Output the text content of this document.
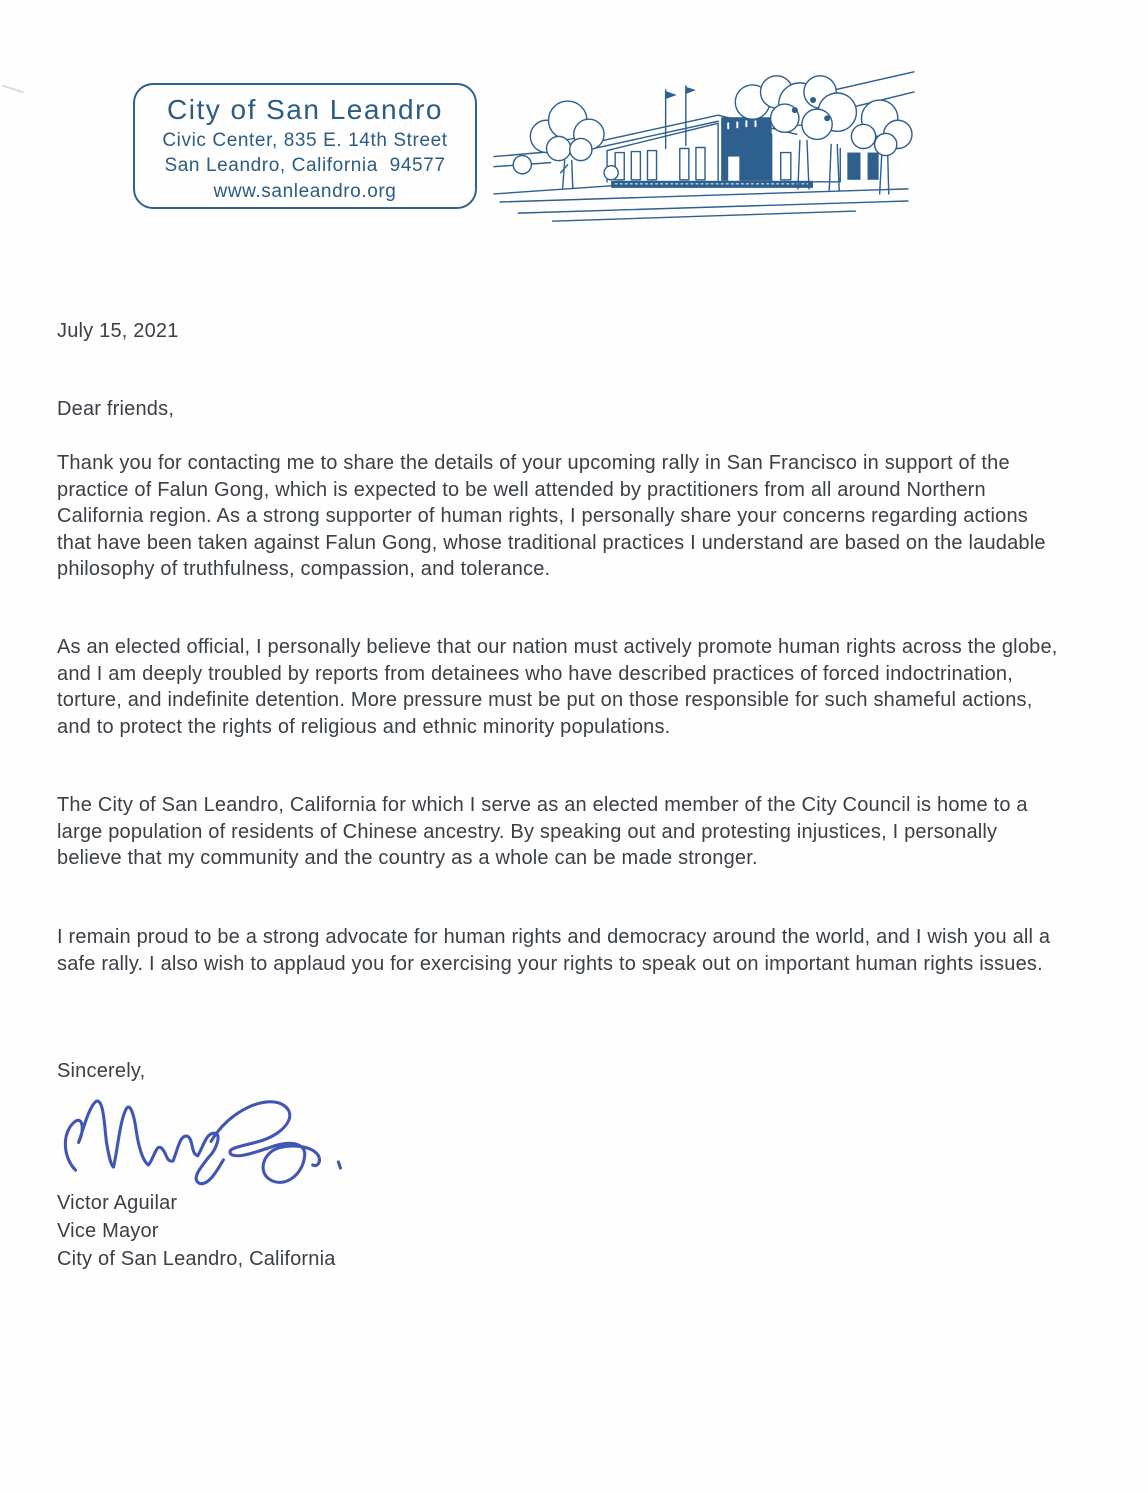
City of San Leandro
Civic Center, 835 E. 14th Street
San Leandro, California  94577
www.sanleandro.org
July 15, 2021
Dear friends,
Thank you for contacting me to share the details of your upcoming rally in San Francisco in support of the practice of Falun Gong, which is expected to be well attended by practitioners from all around Northern California region. As a strong supporter of human rights, I personally share your concerns regarding actions that have been taken against Falun Gong, whose traditional practices I understand are based on the laudable philosophy of truthfulness, compassion, and tolerance.
As an elected official, I personally believe that our nation must actively promote human rights across the globe, and I am deeply troubled by reports from detainees who have described practices of forced indoctrination, torture, and indefinite detention. More pressure must be put on those responsible for such shameful actions, and to protect the rights of religious and ethnic minority populations.
The City of San Leandro, California for which I serve as an elected member of the City Council is home to a large population of residents of Chinese ancestry. By speaking out and protesting injustices, I personally believe that my community and the country as a whole can be made stronger.
I remain proud to be a strong advocate for human rights and democracy around the world, and I wish you all a safe rally. I also wish to applaud you for exercising your rights to speak out on important human rights issues.
Sincerely,
Victor Aguilar
Vice Mayor
City of San Leandro, California
